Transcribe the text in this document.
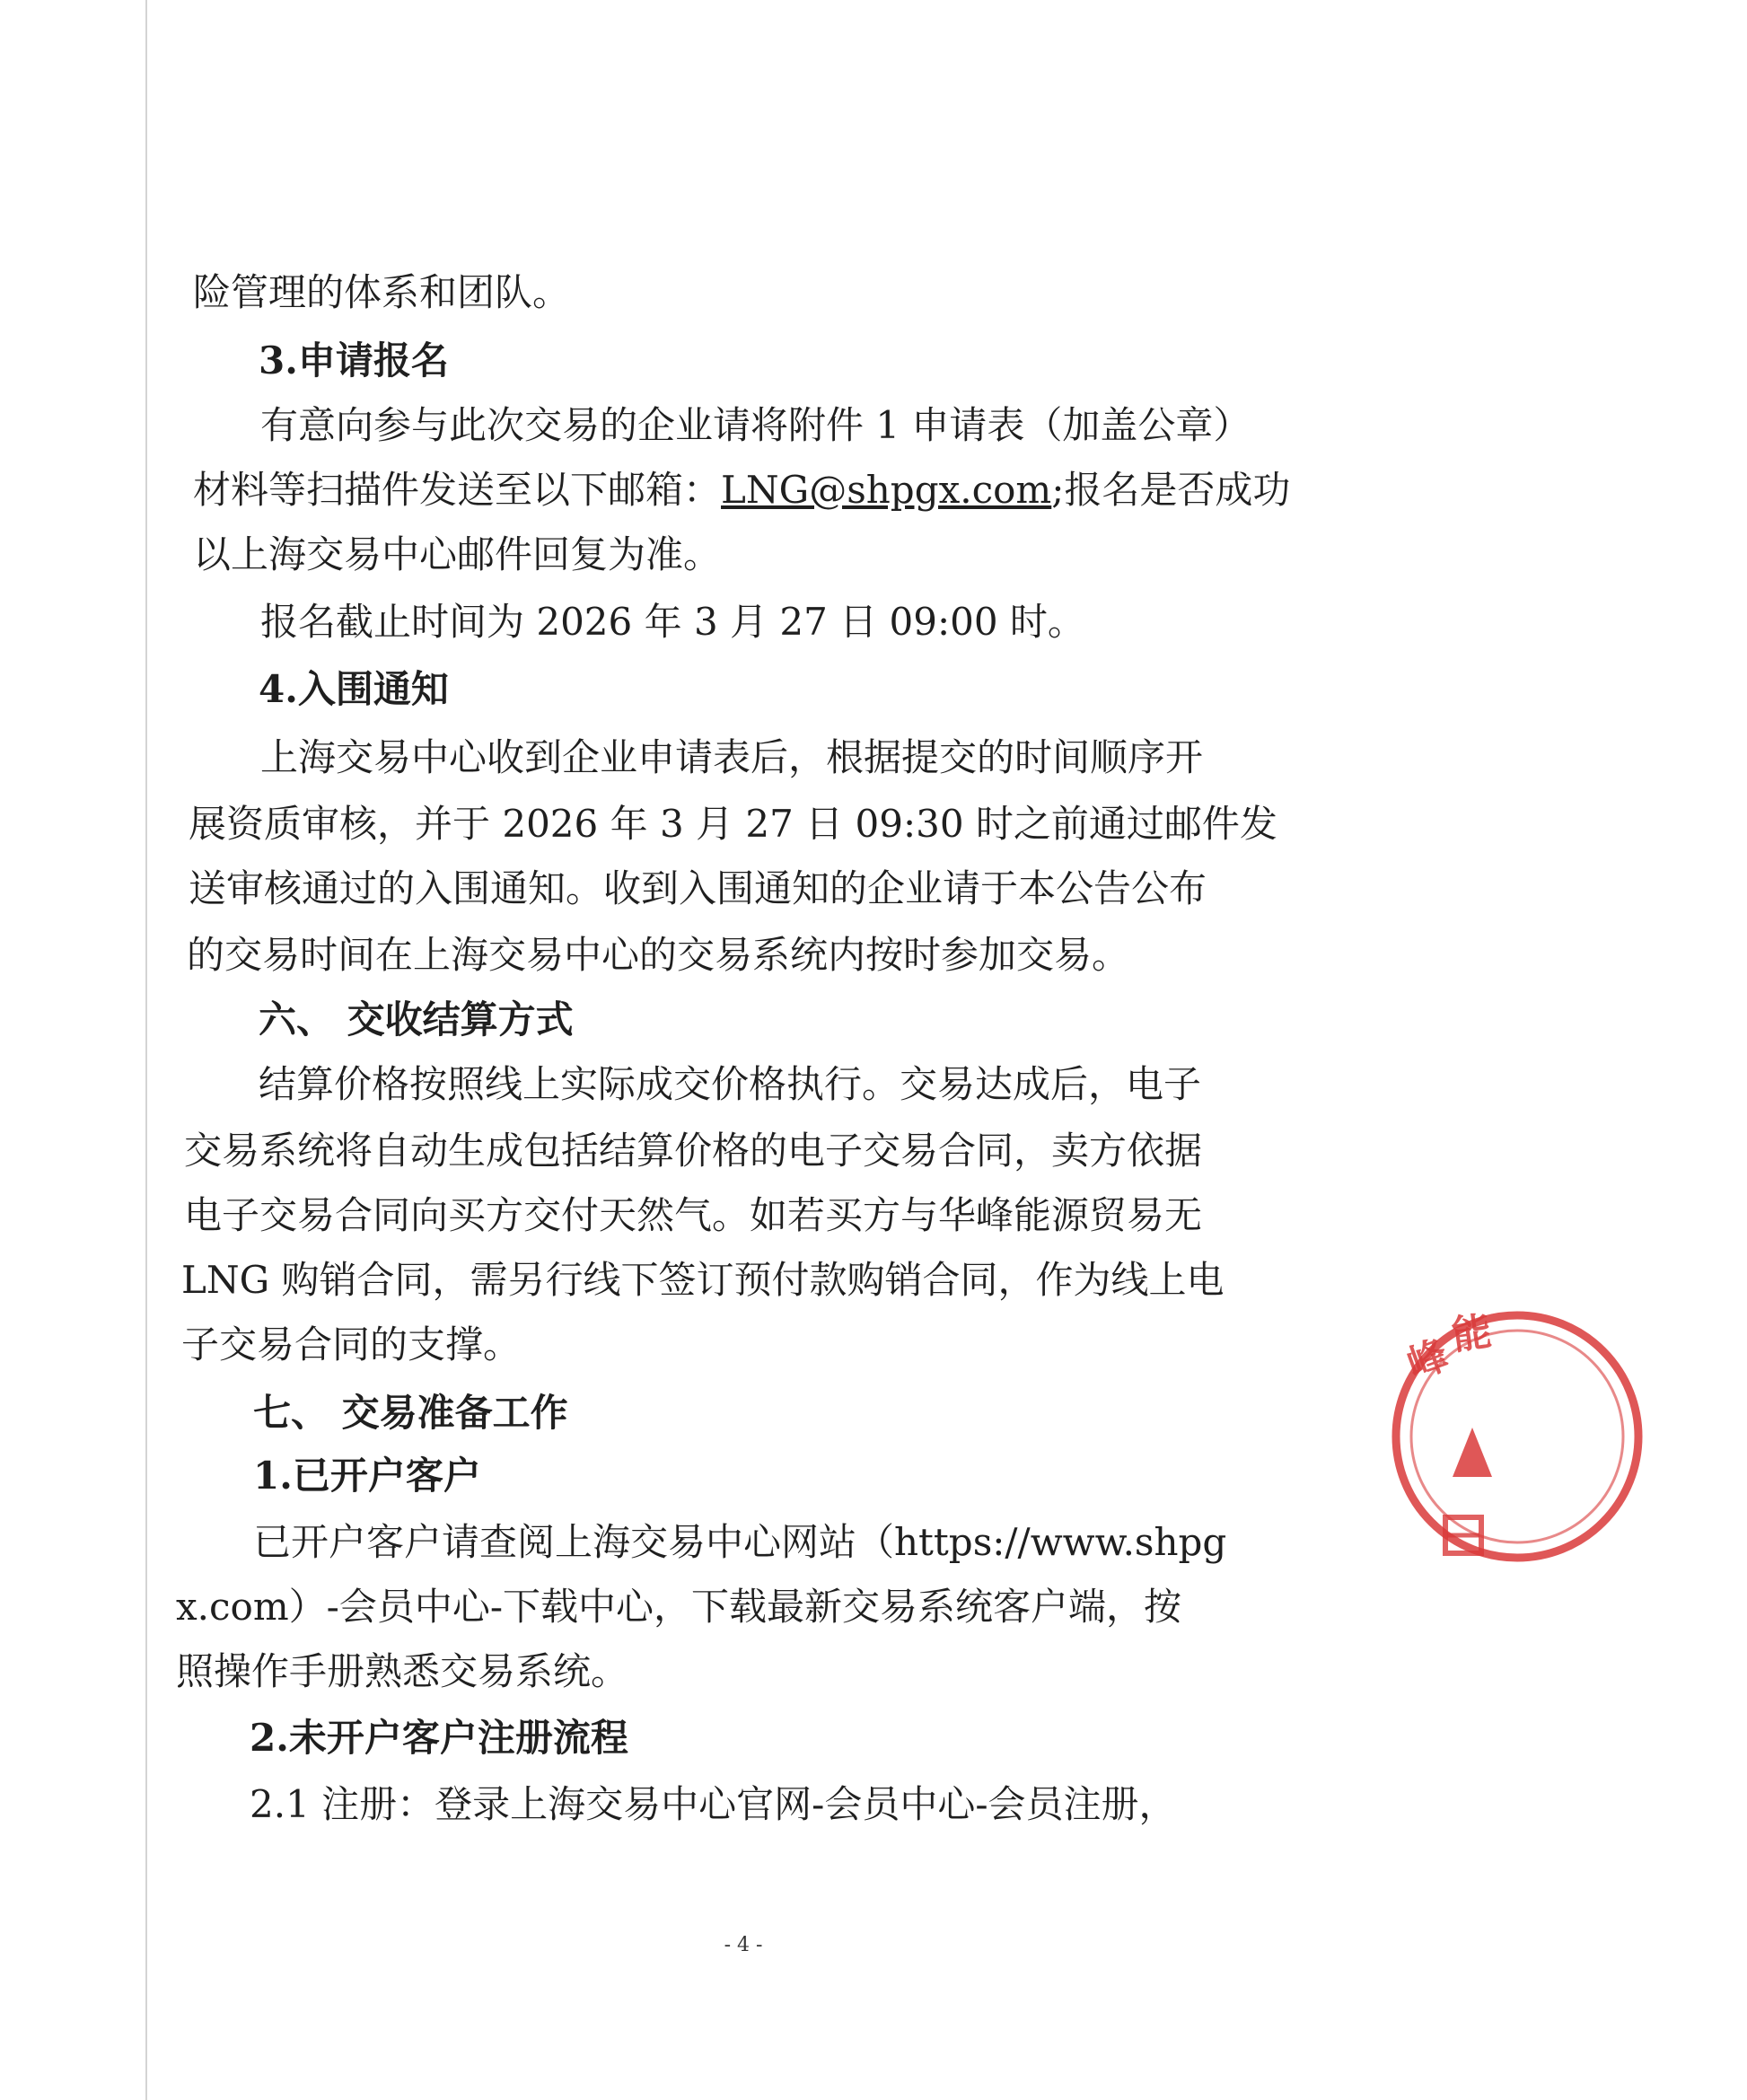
险管理的体系和团队。
3.申请报名
有意向参与此次交易的企业请将附件 1 申请表（加盖公章）
材料等扫描件发送至以下邮箱：LNG@shpgx.com;报名是否成功
以上海交易中心邮件回复为准。
报名截止时间为 2026 年 3 月 27 日 09:00 时。
4.入围通知
上海交易中心收到企业申请表后，根据提交的时间顺序开
展资质审核，并于 2026 年 3 月 27 日 09:30 时之前通过邮件发
送审核通过的入围通知。收到入围通知的企业请于本公告公布
的交易时间在上海交易中心的交易系统内按时参加交易。
六、 交收结算方式
结算价格按照线上实际成交价格执行。交易达成后，电子
交易系统将自动生成包括结算价格的电子交易合同，卖方依据
电子交易合同向买方交付天然气。如若买方与华峰能源贸易无
LNG 购销合同，需另行线下签订预付款购销合同，作为线上电
子交易合同的支撑。
七、 交易准备工作
1.已开户客户
已开户客户请查阅上海交易中心网站（https://www.shpg
x.com）-会员中心-下载中心，下载最新交易系统客户端，按
照操作手册熟悉交易系统。
2.未开户客户注册流程
2.1 注册：登录上海交易中心官网-会员中心-会员注册，
- 4 -
峰
能
